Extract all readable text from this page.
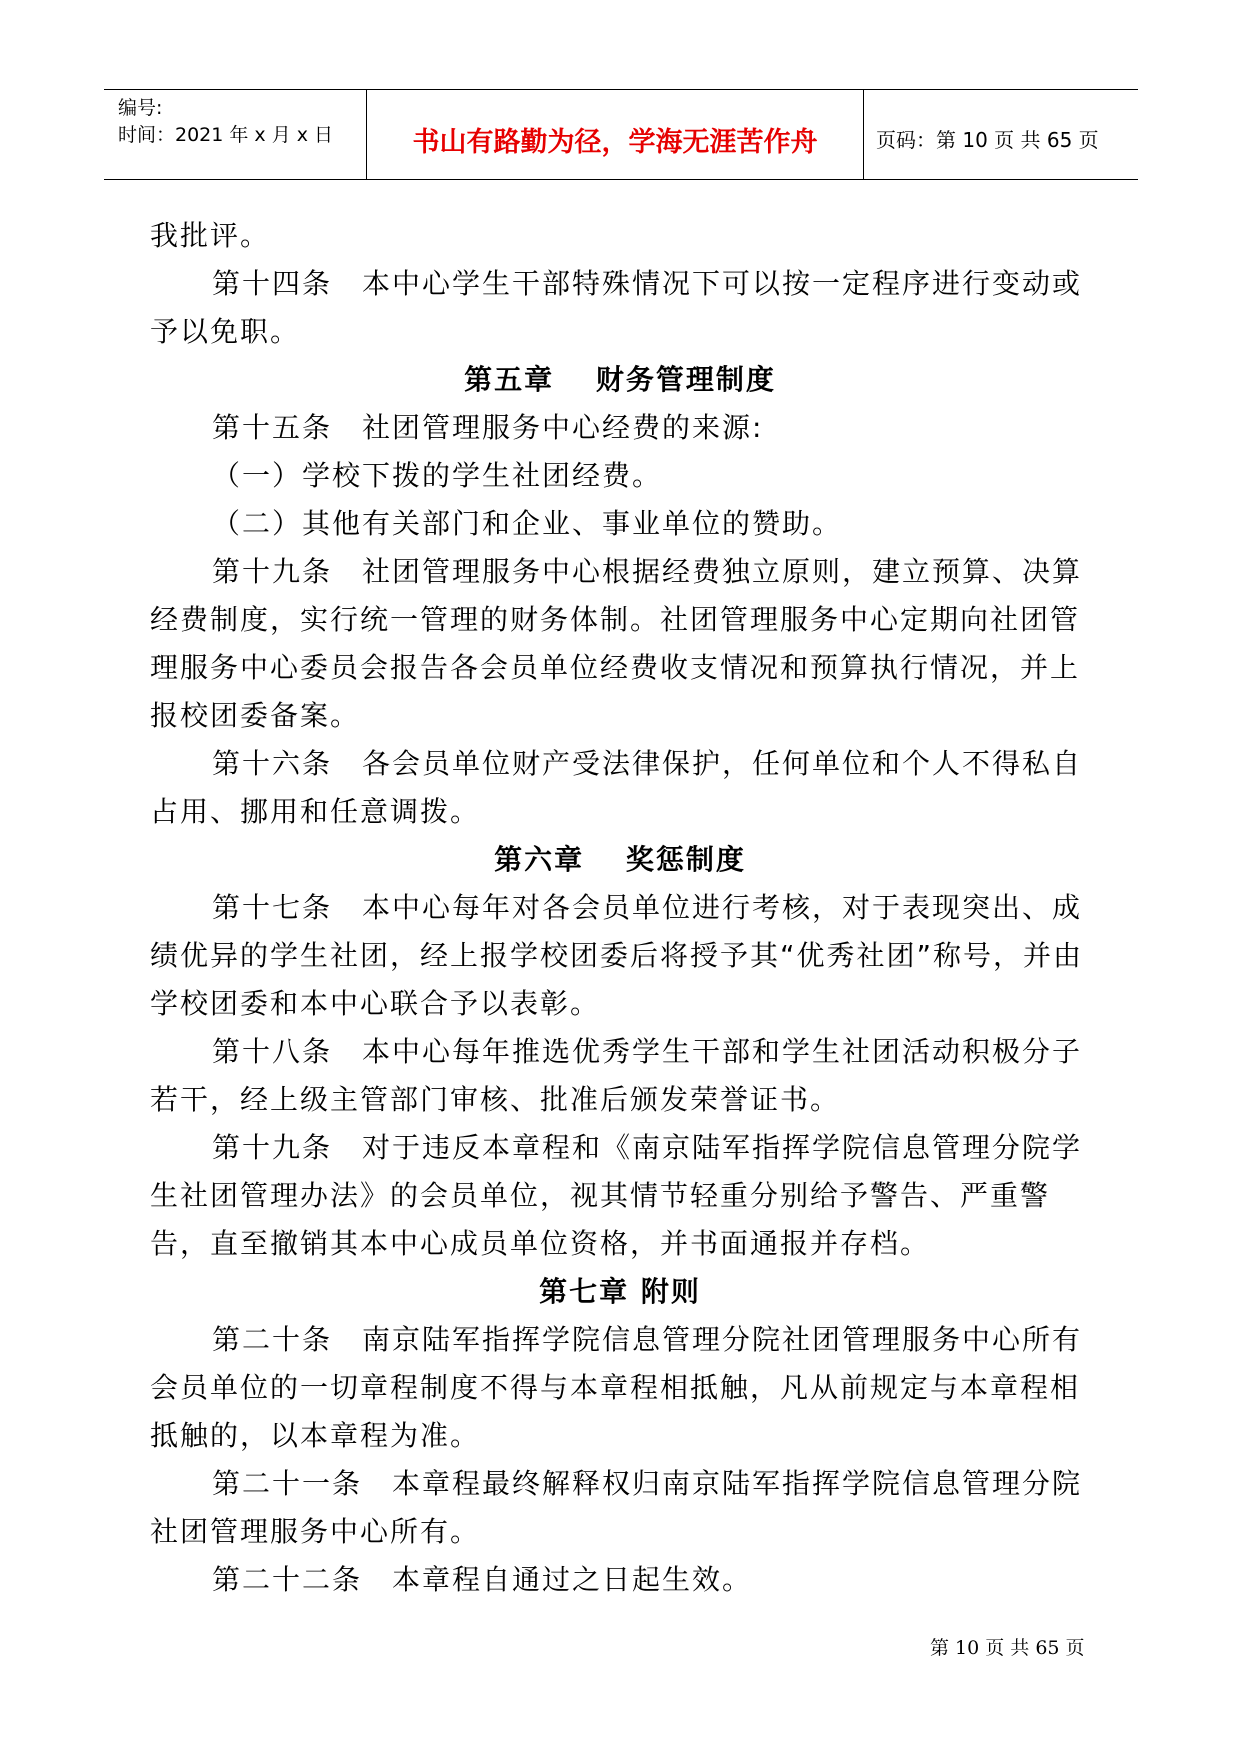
编号:
时间：2021 年 x 月 x 日	书山有路勤为径，学海无涯苦作舟	页码：第 10 页 共 65 页

我批评。

第十四条　本中心学生干部特殊情况下可以按一定程序进行变动或予以免职。

第五章　 财务管理制度

第十五条　社团管理服务中心经费的来源:

（一）学校下拨的学生社团经费。

（二）其他有关部门和企业、事业单位的赞助。

第十九条　社团管理服务中心根据经费独立原则，建立预算、决算经费制度，实行统一管理的财务体制。社团管理服务中心定期向社团管理服务中心委员会报告各会员单位经费收支情况和预算执行情况，并上报校团委备案。

第十六条　各会员单位财产受法律保护，任何单位和个人不得私自占用、挪用和任意调拨。

第六章　 奖惩制度

第十七条　本中心每年对各会员单位进行考核，对于表现突出、成绩优异的学生社团，经上报学校团委后将授予其“优秀社团”称号，并由学校团委和本中心联合予以表彰。

第十八条　本中心每年推选优秀学生干部和学生社团活动积极分子若干，经上级主管部门审核、批准后颁发荣誉证书。

第十九条　对于违反本章程和《南京陆军指挥学院信息管理分院学生社团管理办法》的会员单位，视其情节轻重分别给予警告、严重警告，直至撤销其本中心成员单位资格，并书面通报并存档。

第七章 附则

第二十条　南京陆军指挥学院信息管理分院社团管理服务中心所有会员单位的一切章程制度不得与本章程相抵触，凡从前规定与本章程相抵触的，以本章程为准。

第二十一条　本章程最终解释权归南京陆军指挥学院信息管理分院社团管理服务中心所有。

第二十二条　本章程自通过之日起生效。

第 10 页 共 65 页
